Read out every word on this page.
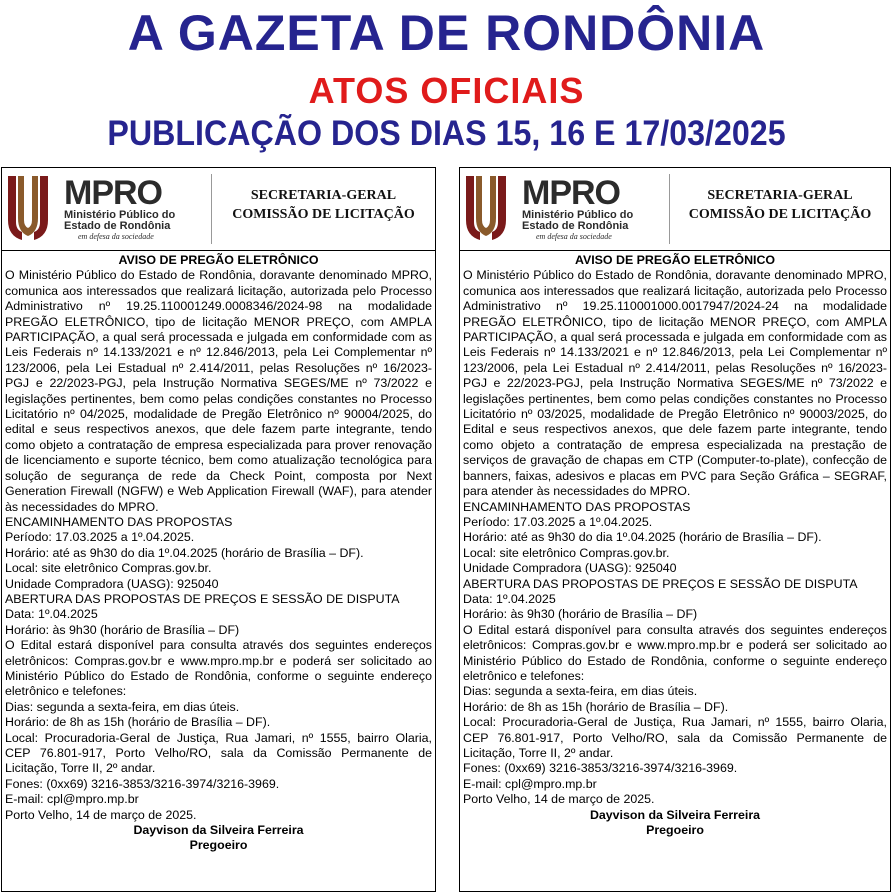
A GAZETA DE RONDÔNIA
ATOS OFICIAIS
PUBLICAÇÃO DOS DIAS 15, 16 E 17/03/2025
MPRO
Ministério Público do
Estado de Rondônia
em defesa da sociedade
SECRETARIA-GERAL
COMISSÃO DE LICITAÇÃO
AVISO DE PREGÃO ELETRÔNICO
O Ministério Público do Estado de Rondônia, doravante denominado MPRO, comunica aos interessados que realizará licitação, autorizada pelo Processo Administrativo nº 19.25.110001249.0008346/2024-98 na modalidade PREGÃO ELETRÔNICO, tipo de licitação MENOR PREÇO, com AMPLA PARTICIPAÇÃO, a qual será processada e julgada em conformidade com as Leis Federais nº 14.133/2021 e nº 12.846/2013, pela Lei Complementar nº 123/2006, pela Lei Estadual nº 2.414/2011, pelas Resoluções nº 16/2023-PGJ e 22/2023-PGJ, pela Instrução Normativa SEGES/ME nº 73/2022 e legislações pertinentes, bem como pelas condições constantes no Processo Licitatório nº 04/2025, modalidade de Pregão Eletrônico nº 90004/2025, do edital e seus respectivos anexos, que dele fazem parte integrante, tendo como objeto a contratação de empresa especializada para prover renovação de licenciamento e suporte técnico, bem como atualização tecnológica para solução de segurança de rede da Check Point, composta por Next Generation Firewall (NGFW) e Web Application Firewall (WAF), para atender às necessidades do MPRO.
ENCAMINHAMENTO DAS PROPOSTAS
Período: 17.03.2025 a 1º.04.2025.
Horário: até as 9h30 do dia 1º.04.2025 (horário de Brasília – DF).
Local: site eletrônico Compras.gov.br.
Unidade Compradora (UASG): 925040
ABERTURA DAS PROPOSTAS DE PREÇOS E SESSÃO DE DISPUTA
Data: 1º.04.2025
Horário: às 9h30 (horário de Brasília – DF)
O Edital estará disponível para consulta através dos seguintes endereços eletrônicos: Compras.gov.br e www.mpro.mp.br e poderá ser solicitado ao Ministério Público do Estado de Rondônia, conforme o seguinte endereço eletrônico e telefones:
Dias: segunda a sexta-feira, em dias úteis.
Horário: de 8h as 15h (horário de Brasília – DF).
Local: Procuradoria-Geral de Justiça, Rua Jamari, nº 1555, bairro Olaria, CEP 76.801-917, Porto Velho/RO, sala da Comissão Permanente de Licitação, Torre II, 2º andar.
Fones: (0xx69) 3216-3853/3216-3974/3216-3969.
E-mail: cpl@mpro.mp.br
Porto Velho, 14 de março de 2025.
Dayvison da Silveira Ferreira
Pregoeiro
MPRO
Ministério Público do
Estado de Rondônia
em defesa da sociedade
SECRETARIA-GERAL
COMISSÃO DE LICITAÇÃO
AVISO DE PREGÃO ELETRÔNICO
O Ministério Público do Estado de Rondônia, doravante denominado MPRO, comunica aos interessados que realizará licitação, autorizada pelo Processo Administrativo nº 19.25.110001000.0017947/2024-24 na modalidade PREGÃO ELETRÔNICO, tipo de licitação MENOR PREÇO, com AMPLA PARTICIPAÇÃO, a qual será processada e julgada em conformidade com as Leis Federais nº 14.133/2021 e nº 12.846/2013, pela Lei Complementar nº 123/2006, pela Lei Estadual nº 2.414/2011, pelas Resoluções nº 16/2023-PGJ e 22/2023-PGJ, pela Instrução Normativa SEGES/ME nº 73/2022 e legislações pertinentes, bem como pelas condições constantes no Processo Licitatório nº 03/2025, modalidade de Pregão Eletrônico nº 90003/2025, do Edital e seus respectivos anexos, que dele fazem parte integrante, tendo como objeto a contratação de empresa especializada na prestação de serviços de gravação de chapas em CTP (Computer-to-plate), confecção de banners, faixas, adesivos e placas em PVC para Seção Gráfica – SEGRAF, para atender às necessidades do MPRO.
ENCAMINHAMENTO DAS PROPOSTAS
Período: 17.03.2025 a 1º.04.2025.
Horário: até as 9h30 do dia 1º.04.2025 (horário de Brasília – DF).
Local: site eletrônico Compras.gov.br.
Unidade Compradora (UASG): 925040
ABERTURA DAS PROPOSTAS DE PREÇOS E SESSÃO DE DISPUTA
Data: 1º.04.2025
Horário: às 9h30 (horário de Brasília – DF)
O Edital estará disponível para consulta através dos seguintes endereços eletrônicos: Compras.gov.br e www.mpro.mp.br e poderá ser solicitado ao Ministério Público do Estado de Rondônia, conforme o seguinte endereço eletrônico e telefones:
Dias: segunda a sexta-feira, em dias úteis.
Horário: de 8h as 15h (horário de Brasília – DF).
Local: Procuradoria-Geral de Justiça, Rua Jamari, nº 1555, bairro Olaria, CEP 76.801-917, Porto Velho/RO, sala da Comissão Permanente de Licitação, Torre II, 2º andar.
Fones: (0xx69) 3216-3853/3216-3974/3216-3969.
E-mail: cpl@mpro.mp.br
Porto Velho, 14 de março de 2025.
Dayvison da Silveira Ferreira
Pregoeiro
